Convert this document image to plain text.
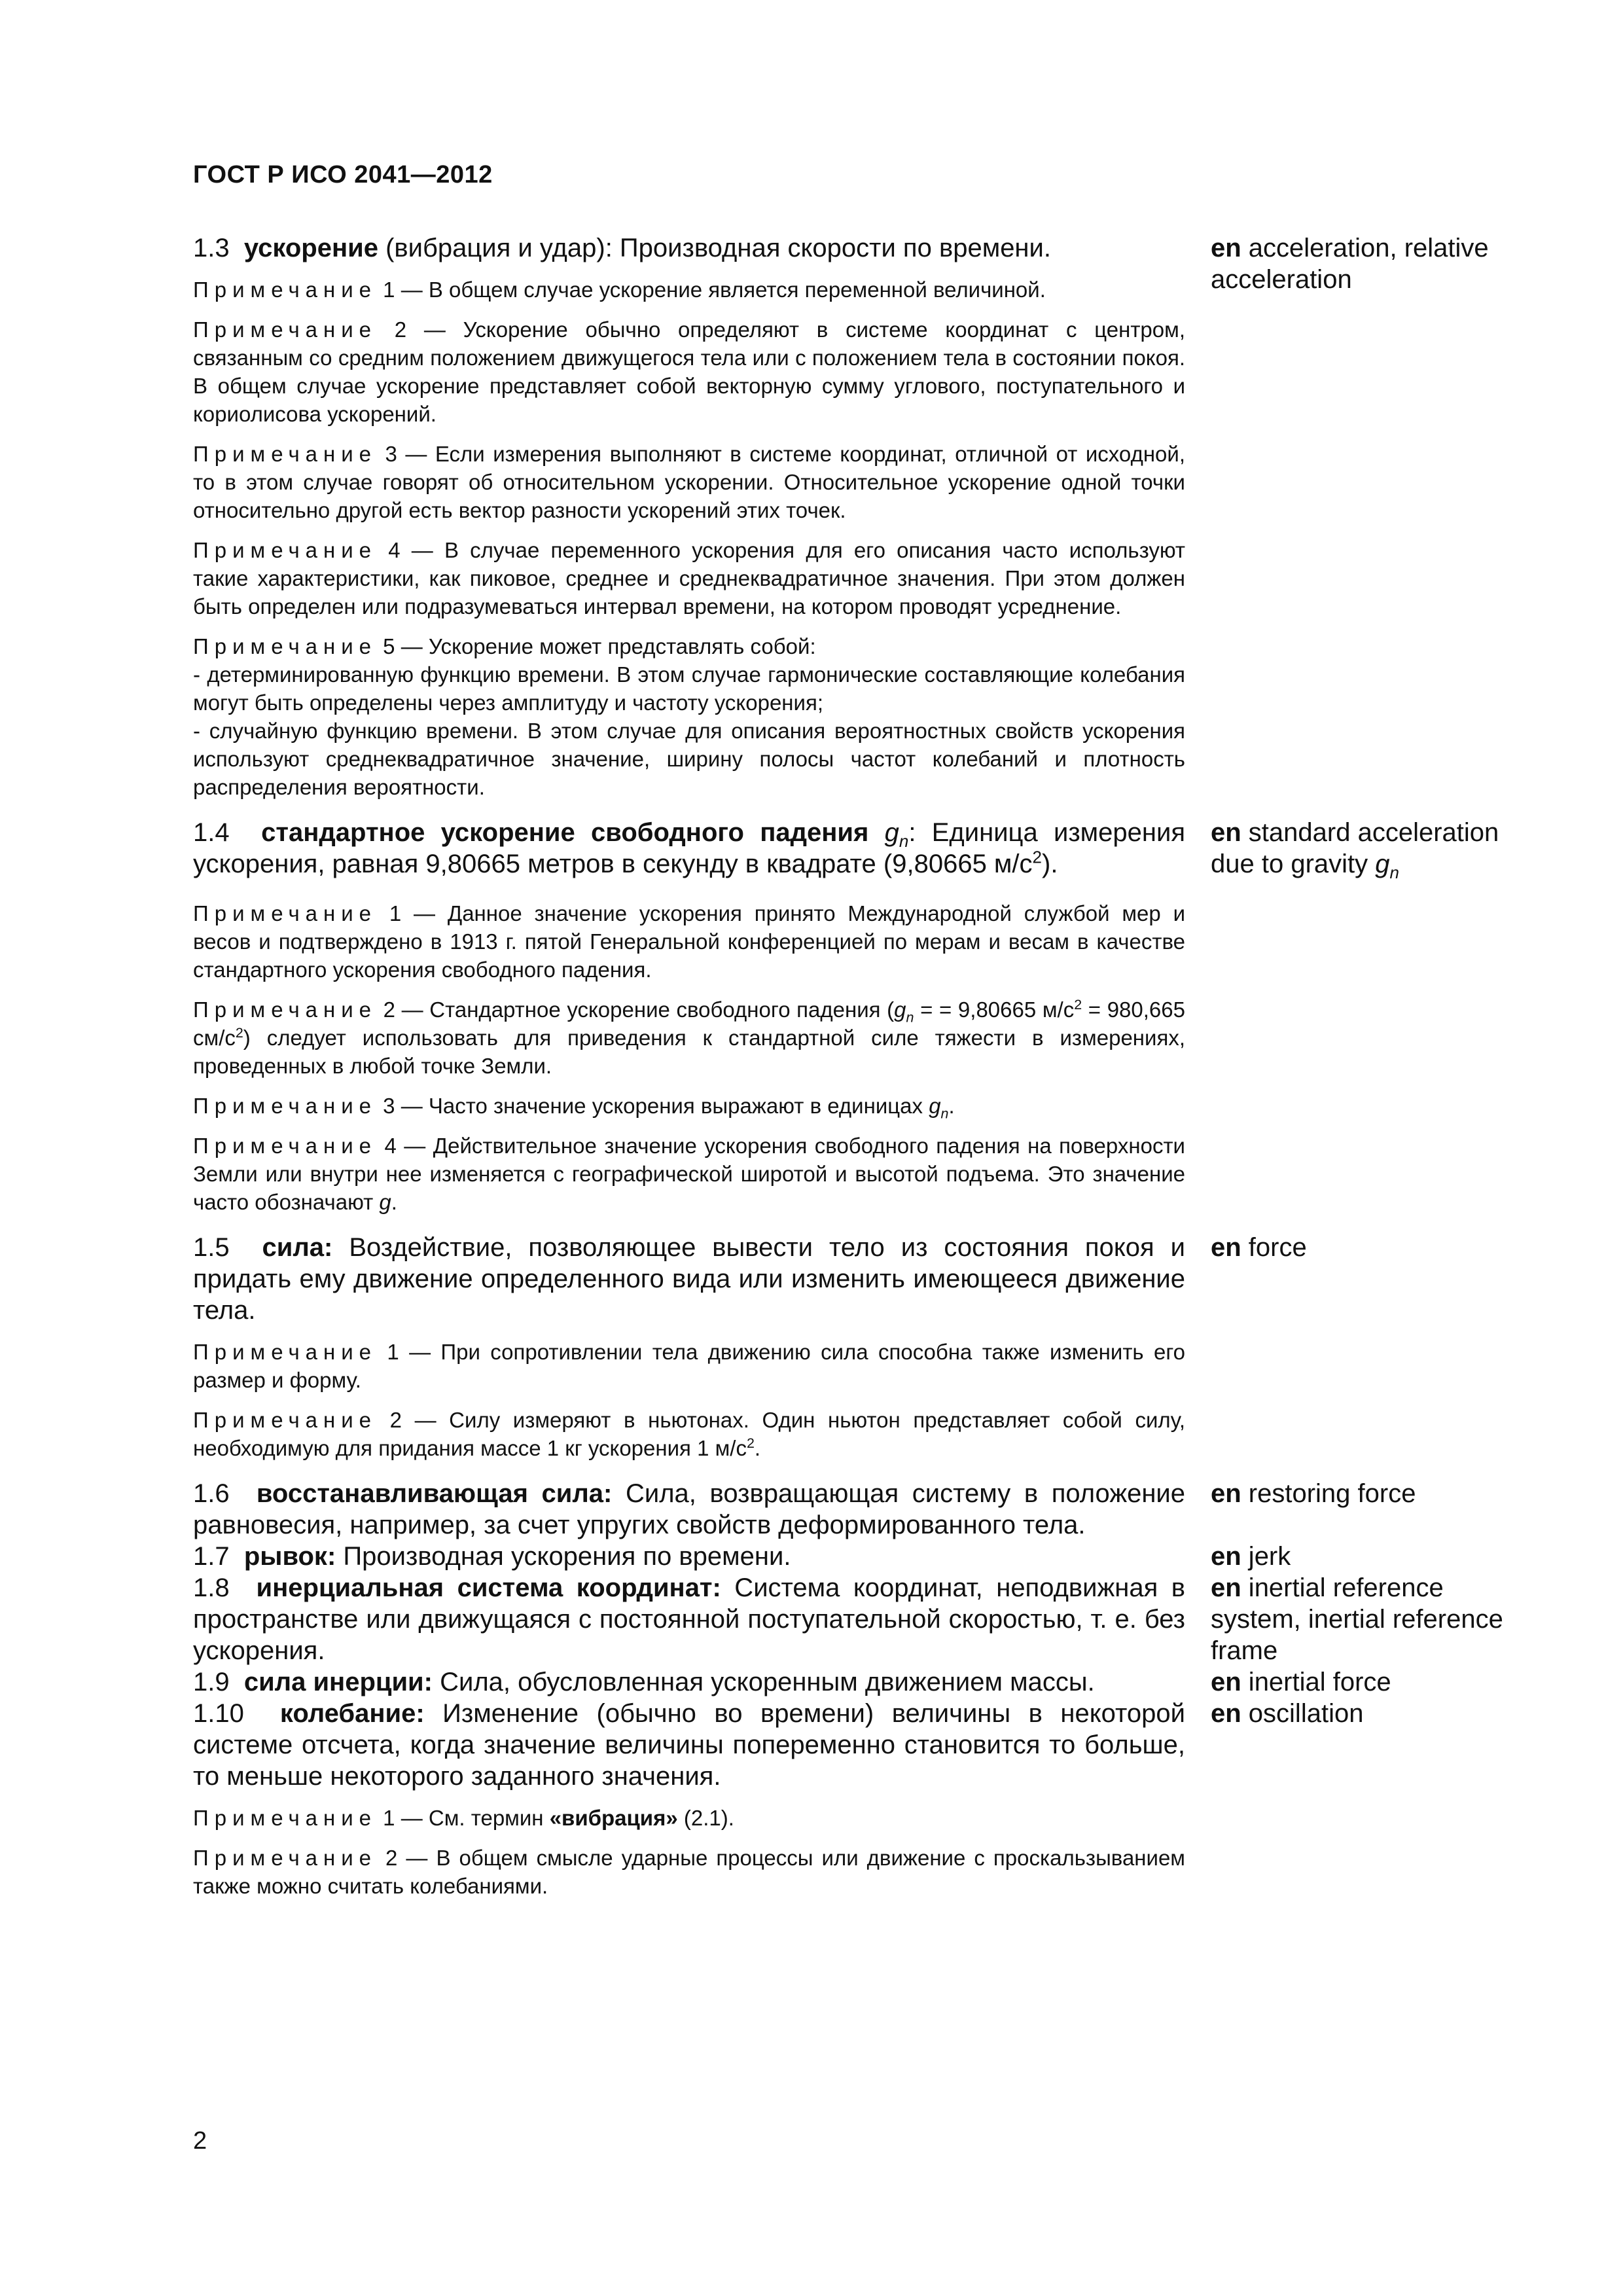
ГОСТ Р ИСО 2041—2012
en acceleration, relative acceleration
1.3 ускорение (вибрация и удар): Производная скорости по времени.
Примечание 1 — В общем случае ускорение является переменной величиной.
Примечание 2 — Ускорение обычно определяют в системе координат с центром, связанным со средним положением движущегося тела или с положением тела в состоянии покоя. В общем случае ускорение представляет собой векторную сумму углового, поступательного и кориолисова ускорений.
Примечание 3 — Если измерения выполняют в системе координат, отличной от исходной, то в этом случае говорят об относительном ускорении. Относительное ускорение одной точки относительно другой есть вектор разности ускорений этих точек.
Примечание 4 — В случае переменного ускорения для его описания часто используют такие характеристики, как пиковое, среднее и среднеквадратичное значения. При этом должен быть определен или подразумеваться интервал времени, на котором проводят усреднение.
Примечание 5 — Ускорение может представлять собой:
- детерминированную функцию времени. В этом случае гармонические составляющие колебания могут быть определены через амплитуду и частоту ускорения;
- случайную функцию времени. В этом случае для описания вероятностных свойств ускорения используют среднеквадратичное значение, ширину полосы частот колебаний и плотность распределения вероятности.
en standard acceleration due to gravity $g_n$
1.4 стандартное ускорение свободного падения $g_n$: Единица измерения ускорения, равная 9,80665 метров в секунду в квадрате (9,80665 $м/с^2$).
Примечание 1 — Данное значение ускорения принято Международной службой мер и весов и подтверждено в 1913 г. пятой Генеральной конференцией по мерам и весам в качестве стандартного ускорения свободного падения.
Примечание 2 — Стандартное ускорение свободного падения ($g_n$ = = 9,80665 $м/с^2 = 980,665$ $см/с^2$) следует использовать для приведения к стандартной силе тяжести в измерениях, проведенных в любой точке Земли.
Примечание 3 — Часто значение ускорения выражают в единицах $g_n$.
Примечание 4 — Действительное значение ускорения свободного падения на поверхности Земли или внутри нее изменяется с географической широтой и высотой подъема. Это значение часто обозначают g.
en force
1.5 сила: Воздействие, позволяющее вывести тело из состояния покоя и придать ему движение определенного вида или изменить имеющееся движение тела.
Примечание 1 — При сопротивлении тела движению сила способна также изменить его размер и форму.
Примечание 2 — Силу измеряют в ньютонах. Один ньютон представляет собой силу, необходимую для придания массе 1 кг ускорения 1 $м/с^2$.
en restoring force
1.6 восстанавливающая сила: Сила, возвращающая систему в положение равновесия, например, за счет упругих свойств деформированного тела.
en jerk
1.7 рывок: Производная ускорения по времени.
en inertial reference system, inertial reference frame
1.8 инерциальная система координат: Система координат, неподвижная в пространстве или движущаяся с постоянной поступательной скоростью, т. е. без ускорения.
en inertial force
1.9 сила инерции: Сила, обусловленная ускоренным движением массы.
en oscillation
1.10 колебание: Изменение (обычно во времени) величины в некоторой системе отсчета, когда значение величины попеременно становится то больше, то меньше некоторого заданного значения.
Примечание 1 — См. термин «вибрация» (2.1).
Примечание 2 — В общем смысле ударные процессы или движение с проскальзыванием также можно считать колебаниями.
2
